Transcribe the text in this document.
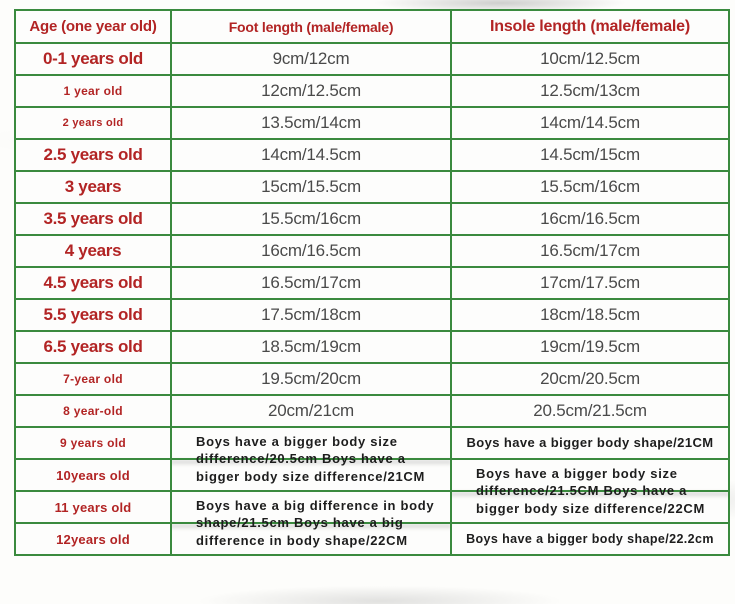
Age (one year old)	Foot length (male/female)	Insole length (male/female)
0-1 years old	9cm/12cm	10cm/12.5cm
1 year old	12cm/12.5cm	12.5cm/13cm
2 years old	13.5cm/14cm	14cm/14.5cm
2.5 years old	14cm/14.5cm	14.5cm/15cm
3 years	15cm/15.5cm	15.5cm/16cm
3.5 years old	15.5cm/16cm	16cm/16.5cm
4 years	16cm/16.5cm	16.5cm/17cm
4.5 years old	16.5cm/17cm	17cm/17.5cm
5.5 years old	17.5cm/18cm	18cm/18.5cm
6.5 years old	18.5cm/19cm	19cm/19.5cm
7-year old	19.5cm/20cm	20cm/20.5cm
8 year-old	20cm/21cm	20.5cm/21.5cm
9 years old	Boys have a bigger body size difference/20.5cm Boys have a bigger body size difference/21CM	Boys have a bigger body shape/21CM
10years old		Boys have a bigger body size difference/21.5CM Boys have a bigger body size difference/22CM
11 years old	Boys have a big difference in body shape/21.5cm Boys have a big difference in body shape/22CM	
12years old		Boys have a bigger body shape/22.2cm
